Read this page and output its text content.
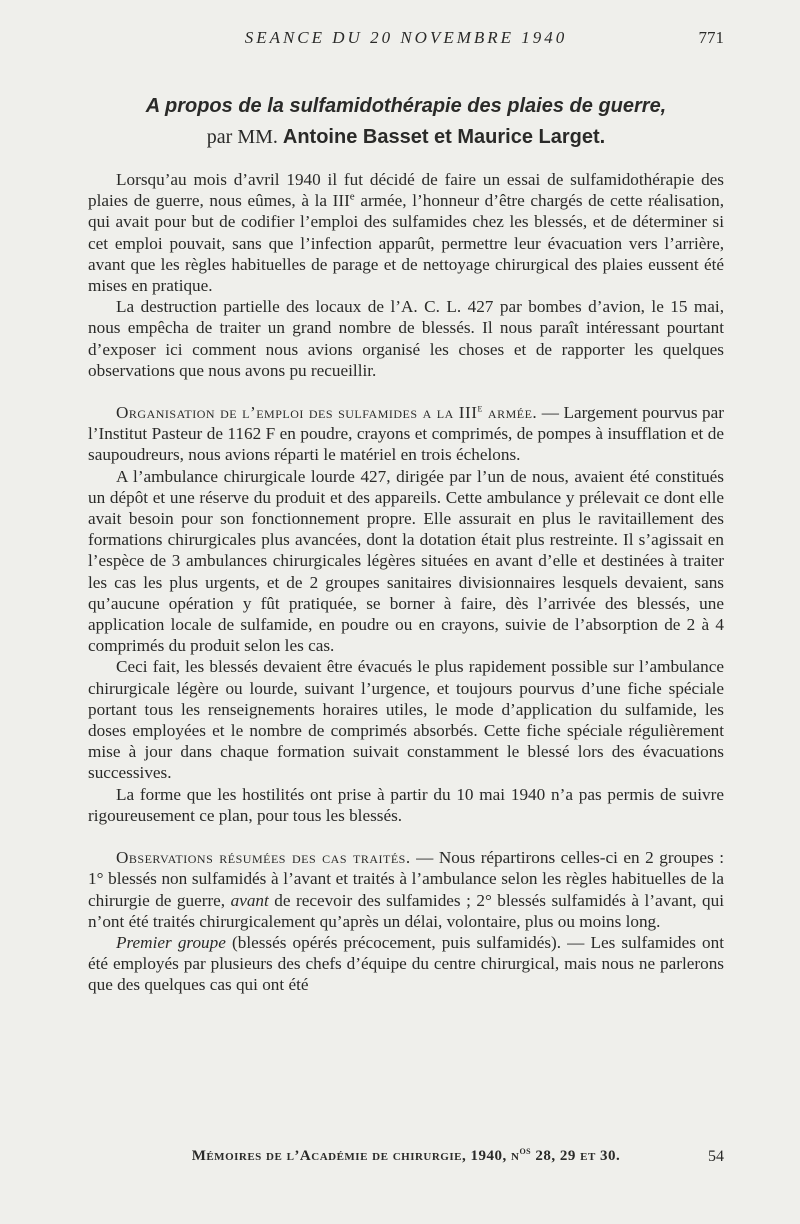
SEANCE DU 20 NOVEMBRE 1940	771
A propos de la sulfamidothérapie des plaies de guerre,
par MM. Antoine Basset et Maurice Larget.

Lorsqu’au mois d’avril 1940 il fut décidé de faire un essai de sulfamidothérapie des plaies de guerre, nous eûmes, à la IIIe armée, l’honneur d’être chargés de cette réalisation, qui avait pour but de codifier l’emploi des sulfamides chez les blessés, et de déterminer si cet emploi pouvait, sans que l’infection apparût, permettre leur évacuation vers l’arrière, avant que les règles habituelles de parage et de nettoyage chirurgical des plaies eussent été mises en pratique.

La destruction partielle des locaux de l’A. C. L. 427 par bombes d’avion, le 15 mai, nous empêcha de traiter un grand nombre de blessés. Il nous paraît intéressant pourtant d’exposer ici comment nous avions organisé les choses et de rapporter les quelques observations que nous avons pu recueillir.

Organisation de l’emploi des sulfamides a la IIIe armée. — Largement pourvus par l’Institut Pasteur de 1162 F en poudre, crayons et comprimés, de pompes à insufflation et de saupoudreurs, nous avions réparti le matériel en trois échelons.

A l’ambulance chirurgicale lourde 427, dirigée par l’un de nous, avaient été constitués un dépôt et une réserve du produit et des appareils. Cette ambulance y prélevait ce dont elle avait besoin pour son fonctionnement propre. Elle assurait en plus le ravitaillement des formations chirurgicales plus avancées, dont la dotation était plus restreinte. Il s’agissait en l’espèce de 3 ambulances chirurgicales légères situées en avant d’elle et destinées à traiter les cas les plus urgents, et de 2 groupes sanitaires divisionnaires lesquels devaient, sans qu’aucune opération y fût pratiquée, se borner à faire, dès l’arrivée des blessés, une application locale de sulfamide, en poudre ou en crayons, suivie de l’absorption de 2 à 4 comprimés du produit selon les cas.

Ceci fait, les blessés devaient être évacués le plus rapidement possible sur l’ambulance chirurgicale légère ou lourde, suivant l’urgence, et toujours pourvus d’une fiche spéciale portant tous les renseignements horaires utiles, le mode d’application du sulfamide, les doses employées et le nombre de comprimés absorbés. Cette fiche spéciale régulièrement mise à jour dans chaque formation suivait constamment le blessé lors des évacuations successives.

La forme que les hostilités ont prise à partir du 10 mai 1940 n’a pas permis de suivre rigoureusement ce plan, pour tous les blessés.

Observations résumées des cas traités. — Nous répartirons celles-ci en 2 groupes : 1° blessés non sulfamidés à l’avant et traités à l’ambulance selon les règles habituelles de la chirurgie de guerre, avant de recevoir des sulfamides ; 2° blessés sulfamidés à l’avant, qui n’ont été traités chirurgicalement qu’après un délai, volontaire, plus ou moins long.

Premier groupe (blessés opérés précocement, puis sulfamidés). — Les sulfamides ont été employés par plusieurs des chefs d’équipe du centre chirurgical, mais nous ne parlerons que des quelques cas qui ont été

Mémoires de l’Académie de chirurgie, 1940, $n^{os}$ 28, 29 et 30.	54
